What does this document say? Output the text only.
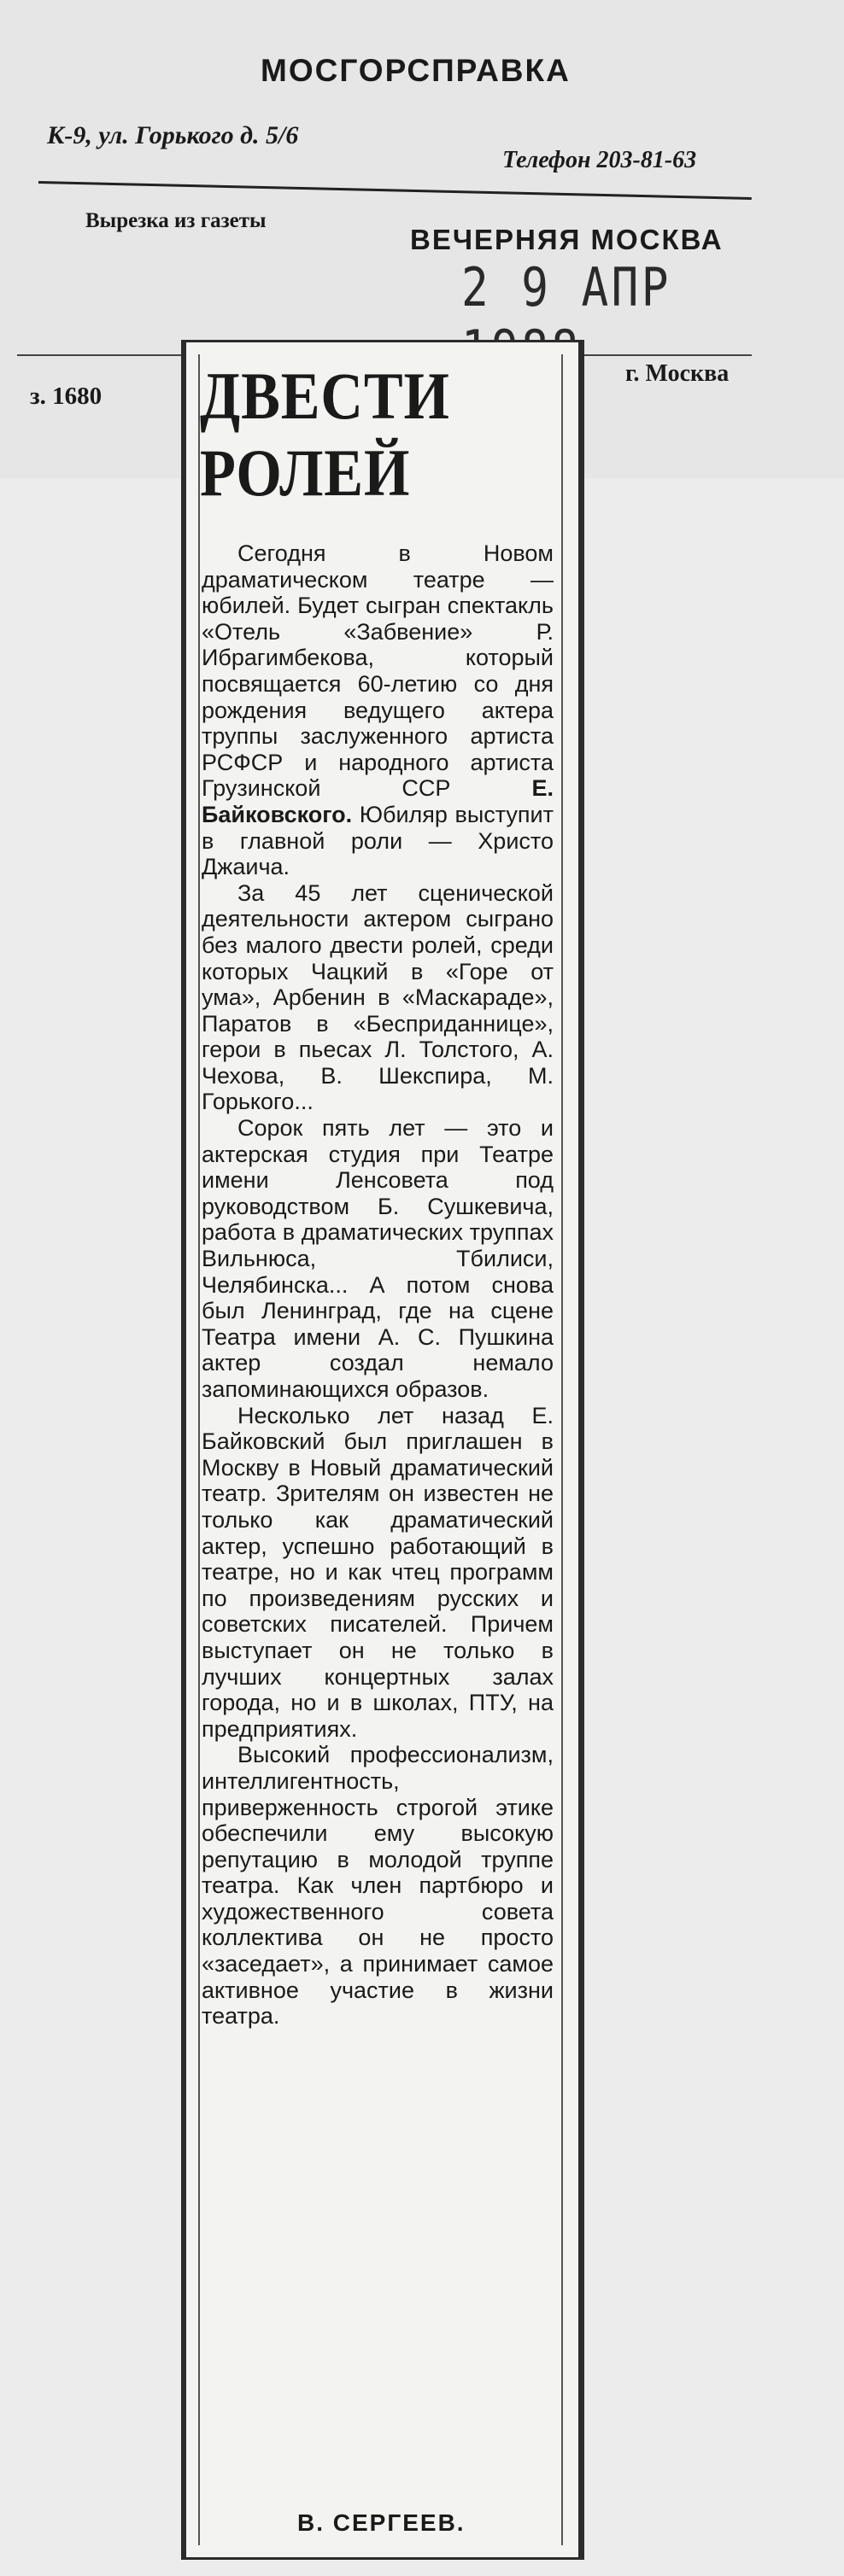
МОСГОРСПРАВКА
К-9, ул. Горького д. 5/6
Телефон 203-81-63
Вырезка из газеты
ВЕЧЕРНЯЯ МОСКВА
2 9 АПР
з. 1680
г. Москва
ДВЕСТИ
РОЛЕЙ

Сегодня в Новом драматическом театре — юбилей. Будет сыгран спектакль «Отель «Забвение» Р. Ибрагимбекова, который посвящается 60-летию со дня рождения ведущего актера труппы заслуженного артиста РСФСР и народного артиста Грузинской ССР Е. Байковского. Юбиляр выступит в главной роли — Христо Джаича.

За 45 лет сценической деятельности актером сыграно без малого двести ролей, среди которых Чацкий в «Горе от ума», Арбенин в «Маскараде», Паратов в «Бесприданнице», герои в пьесах Л. Толстого, А. Чехова, В. Шекспира, М. Горького...

Сорок пять лет — это и актерская студия при Театре имени Ленсовета под руководством Б. Сушкевича, работа в драматических труппах Вильнюса, Тбилиси, Челябинска... А потом снова был Ленинград, где на сцене Театра имени А. С. Пушкина актер создал немало запоминающихся образов.

Несколько лет назад Е. Байковский был приглашен в Москву в Новый драматический театр. Зрителям он известен не только как драматический актер, успешно работающий в театре, но и как чтец программ по произведениям русских и советских писателей. Причем выступает он не только в лучших концертных залах города, но и в школах, ПТУ, на предприятиях.

Высокий профессионализм, интеллигентность, приверженность строгой этике обеспечили ему высокую репутацию в молодой труппе театра. Как член партбюро и художественного совета коллектива он не просто «заседает», а принимает самое активное участие в жизни театра.

В. СЕРГЕЕВ.
